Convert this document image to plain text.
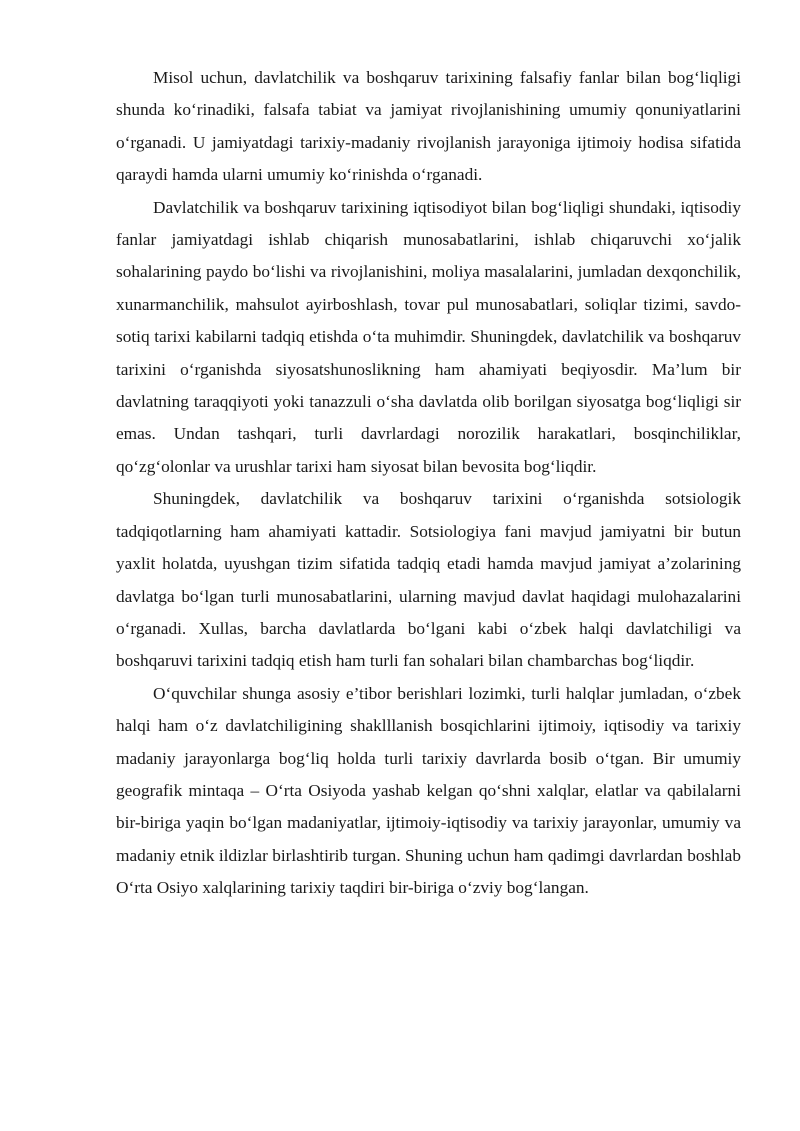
Misol uchun, davlatchilik va boshqaruv tarixining falsafiy fanlar bilan bog‘liqligi shunda ko‘rinadiki, falsafa tabiat va jamiyat rivojlanishining umumiy qonuniyatlarini o‘rganadi. U jamiyatdagi tarixiy-madaniy rivojlanish jarayoniga ijtimoiy hodisa sifatida qaraydi hamda ularni umumiy ko‘rinishda o‘rganadi.

Davlatchilik va boshqaruv tarixining iqtisodiyot bilan bog‘liqligi shundaki, iqtisodiy fanlar jamiyatdagi ishlab chiqarish munosabatlarini, ishlab chiqaruvchi xo‘jalik sohalarining paydo bo‘lishi va rivojlanishini, moliya masalalarini, jumladan dexqonchilik, xunarmanchilik, mahsulot ayirboshlash, tovar pul munosabatlari, soliqlar tizimi, savdo-sotiq tarixi kabilarni tadqiq etishda o‘ta muhimdir. Shuningdek, davlatchilik va boshqaruv tarixini o‘rganishda siyosatshunoslikning ham ahamiyati beqiyosdir. Ma’lum bir davlatning taraqqiyoti yoki tanazzuli o‘sha davlatda olib borilgan siyosatga bog‘liqligi sir emas. Undan tashqari, turli davrlardagi norozilik harakatlari, bosqinchiliklar, qo‘zg‘olonlar va urushlar tarixi ham siyosat bilan bevosita bog‘liqdir.

Shuningdek, davlatchilik va boshqaruv tarixini o‘rganishda sotsiologik tadqiqotlarning ham ahamiyati kattadir. Sotsiologiya fani mavjud jamiyatni bir butun yaxlit holatda, uyushgan tizim sifatida tadqiq etadi hamda mavjud jamiyat a’zolarining davlatga bo‘lgan turli munosabatlarini, ularning mavjud davlat haqidagi mulohazalarini o‘rganadi. Xullas, barcha davlatlarda bo‘lgani kabi o‘zbek halqi davlatchiligi va boshqaruvi tarixini tadqiq etish ham turli fan sohalari bilan chambarchas bog‘liqdir.

O‘quvchilar shunga asosiy e’tibor berishlari lozimki, turli halqlar jumladan, o‘zbek halqi ham o‘z davlatchiligining shaklllanish bosqichlarini ijtimoiy, iqtisodiy va tarixiy madaniy jarayonlarga bog‘liq holda turli tarixiy davrlarda bosib o‘tgan. Bir umumiy geografik mintaqa – O‘rta Osiyoda yashab kelgan qo‘shni xalqlar, elatlar va qabilalarni bir-biriga yaqin bo‘lgan madaniyatlar, ijtimoiy-iqtisodiy va tarixiy jarayonlar, umumiy va madaniy etnik ildizlar birlashtirib turgan. Shuning uchun ham qadimgi davrlardan boshlab O‘rta Osiyo xalqlarining tarixiy taqdiri bir-biriga o‘zviy bog‘langan.
